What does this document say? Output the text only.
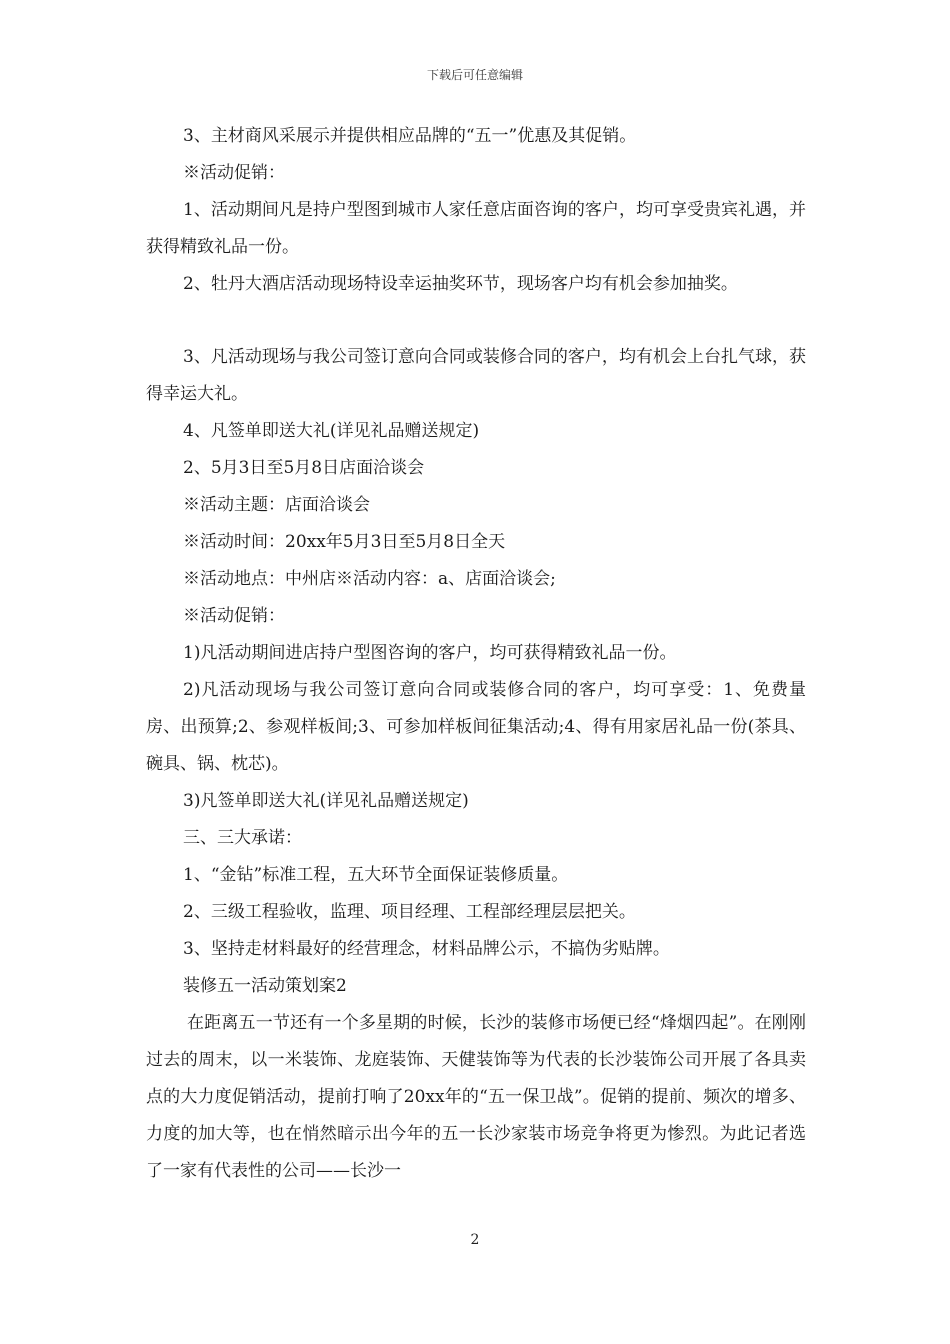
下载后可任意编辑

3、主材商风采展示并提供相应品牌的“五一”优惠及其促销。

※活动促销：

1、活动期间凡是持户型图到城市人家任意店面咨询的客户，均可享受贵宾礼遇，并获得精致礼品一份。

2、牡丹大酒店活动现场特设幸运抽奖环节，现场客户均有机会参加抽奖。

3、凡活动现场与我公司签订意向合同或装修合同的客户，均有机会上台扎气球，获得幸运大礼。

4、凡签单即送大礼(详见礼品赠送规定)

2、5月3日至5月8日店面洽谈会

※活动主题：店面洽谈会

※活动时间：20xx年5月3日至5月8日全天

※活动地点：中州店※活动内容：a、店面洽谈会;

※活动促销：

1)凡活动期间进店持户型图咨询的客户，均可获得精致礼品一份。

2)凡活动现场与我公司签订意向合同或装修合同的客户，均可享受：1、免费量房、出预算;2、参观样板间;3、可参加样板间征集活动;4、得有用家居礼品一份(茶具、碗具、锅、枕芯)。

3)凡签单即送大礼(详见礼品赠送规定)

三、三大承诺：

1、“金钻”标准工程，五大环节全面保证装修质量。

2、三级工程验收，监理、项目经理、工程部经理层层把关。

3、坚持走材料最好的经营理念，材料品牌公示，不搞伪劣贴牌。

装修五一活动策划案2

在距离五一节还有一个多星期的时候，长沙的装修市场便已经“烽烟四起”。在刚刚过去的周末，以一米装饰、龙庭装饰、天健装饰等为代表的长沙装饰公司开展了各具卖点的大力度促销活动，提前打响了20xx年的“五一保卫战”。促销的提前、频次的增多、力度的加大等，也在悄然暗示出今年的五一长沙家装市场竞争将更为惨烈。为此记者选了一家有代表性的公司——长沙一

2
